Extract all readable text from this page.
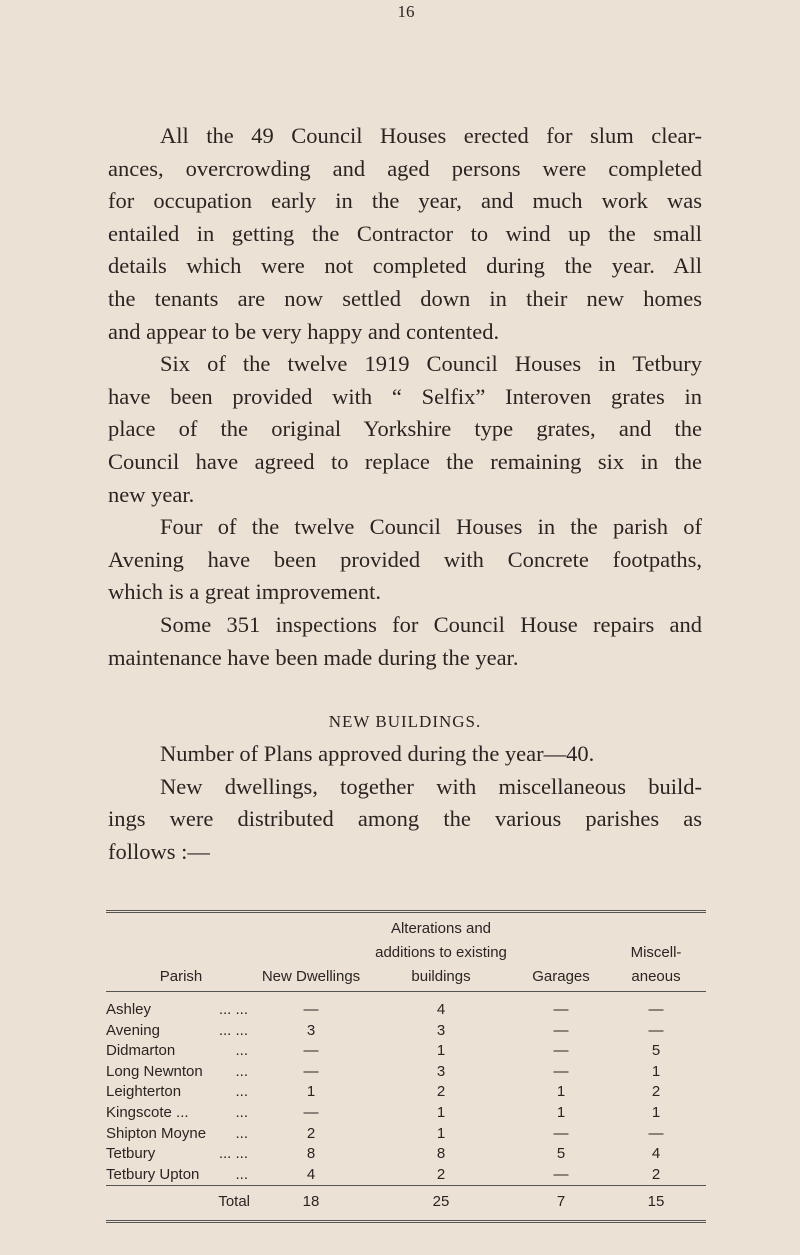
16
All the 49 Council Houses erected for slum clear-
ances, overcrowding and aged persons were completed
for occupation early in the year, and much work was
entailed in getting the Contractor to wind up the small
details which were not completed during the year. All
the tenants are now settled down in their new homes
and appear to be very happy and contented.
Six of the twelve 1919 Council Houses in Tetbury
have been provided with “ Selfix” Interoven grates in
place of the original Yorkshire type grates, and the
Council have agreed to replace the remaining six in the
new year.
Four of the twelve Council Houses in the parish of
Avening have been provided with Concrete footpaths,
which is a great improvement.
Some 351 inspections for Council House repairs and
maintenance have been made during the year.
NEW BUILDINGS.
Number of Plans approved during the year—40.
New dwellings, together with miscellaneous build-
ings were distributed among the various parishes as
follows :—
Parish	New Dwellings	Alterations and additions to existing buildings	Garages	Miscell- aneous
Ashley	... ...	—	4	—	—
Avening	... ...	3	3	—	—
Didmarton	...	—	1	—	5
Long Newnton ...	—	3	—	1
Leighterton	...	1	2	1	2
Kingscote ...	...	—	1	1	1
Shipton Moyne ...	2	1	—	—
Tetbury	... ...	8	8	5	4
Tetbury Upton ...	4	2	—	2
Total	18	25	7	15
